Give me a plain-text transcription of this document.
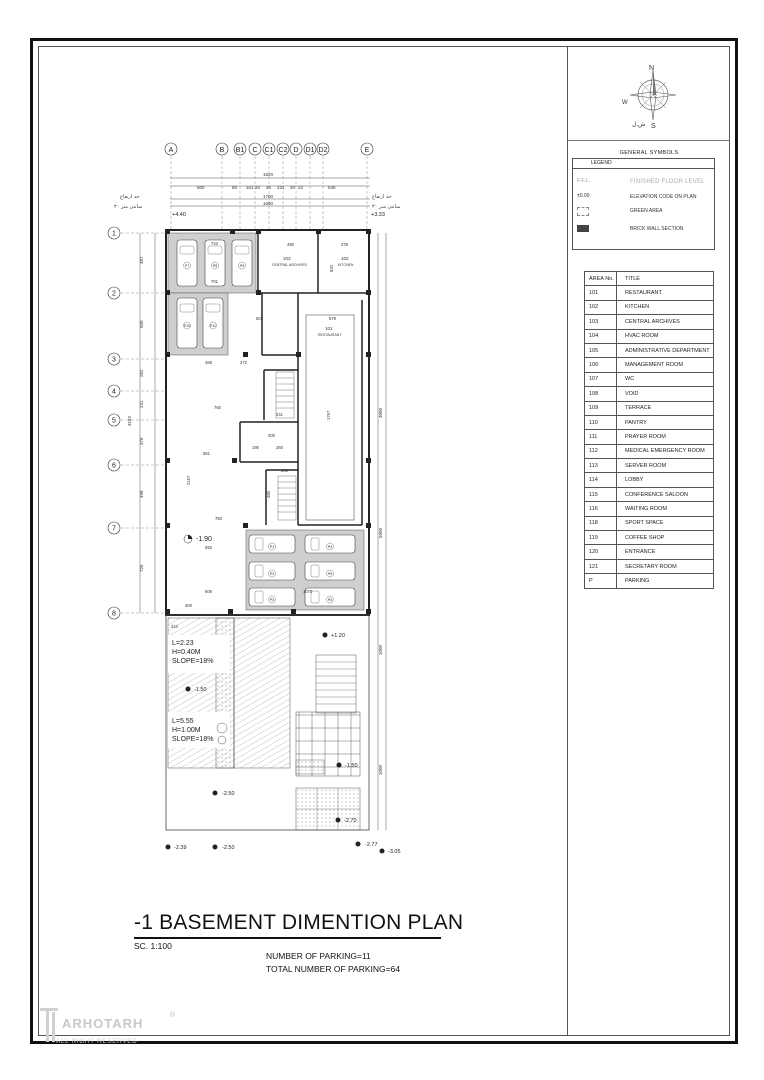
N
S
W
ش.ل
GENERAL SYMBOLS
LEGEND
F.F.L.	FINISHED FLOOR LEVEL
±0.00	ELEVATION CODE ON PLAN
GREEN AREA
BRICK WALL SECTION
AREA No.	TITLE
101	RESTAURANT
102	KITCHEN
103	CENTRAL ARCHIVES
104	HVAC ROOM
105	ADMINISTRATIVE DEPARTMENT
106	MANAGEMENT ROOM
107	WC
108	VOID
109	TERRACE
110	PANTRY
111	PRAYER ROOM
112	MEDICAL EMERGENCY ROOM
113	SERVER ROOM
114	LOBBY
115	CONFERENCE SALOON
116	WAITING ROOM
118	SPORT SPACE
119	COFFEE SHOP
120	ENTRANCE
121	SECRETARY ROOM
P	PARKING
A	B B1 C C1 C2 D D1 D2	E
1
2
3
4
5
6
7
8
1620
500	80 161 20 20 231 20 22	548
1700
1660
حد ارتفاع
۳۰ سانتی متر
حد ارتفاع
۳۰ سانتی متر
+4.40	+3.33
487
500
262
241
378
498
726
3162
3000
5900
1000
1000
P7	P8	P9
P10	P11
P1	P4
P2	P5
P3	P6
103
CENTRAL ARCHIVES
102
KITCHEN
101
RESTAURANT
723
701
490	378
820
502	579
468	272
760
241
561
200
190	260
240
750
593
606
300
1767
2157
480
1070
-1.90
L=2.23
H=0.40M
SLOPE=18%
L=5.55
H=1.00M
SLOPE=18%
+1.20
-1.50
-1.50
-2.50
-2.70
-2.39	-2.50	-2.77
-3.05
-1 BASEMENT DIMENTION PLAN
SC. 1:100
NUMBER OF PARKING=11
TOTAL NUMBER OF PARKING=64
ARHOTARH
ALL RIGHT RESERVED
®
